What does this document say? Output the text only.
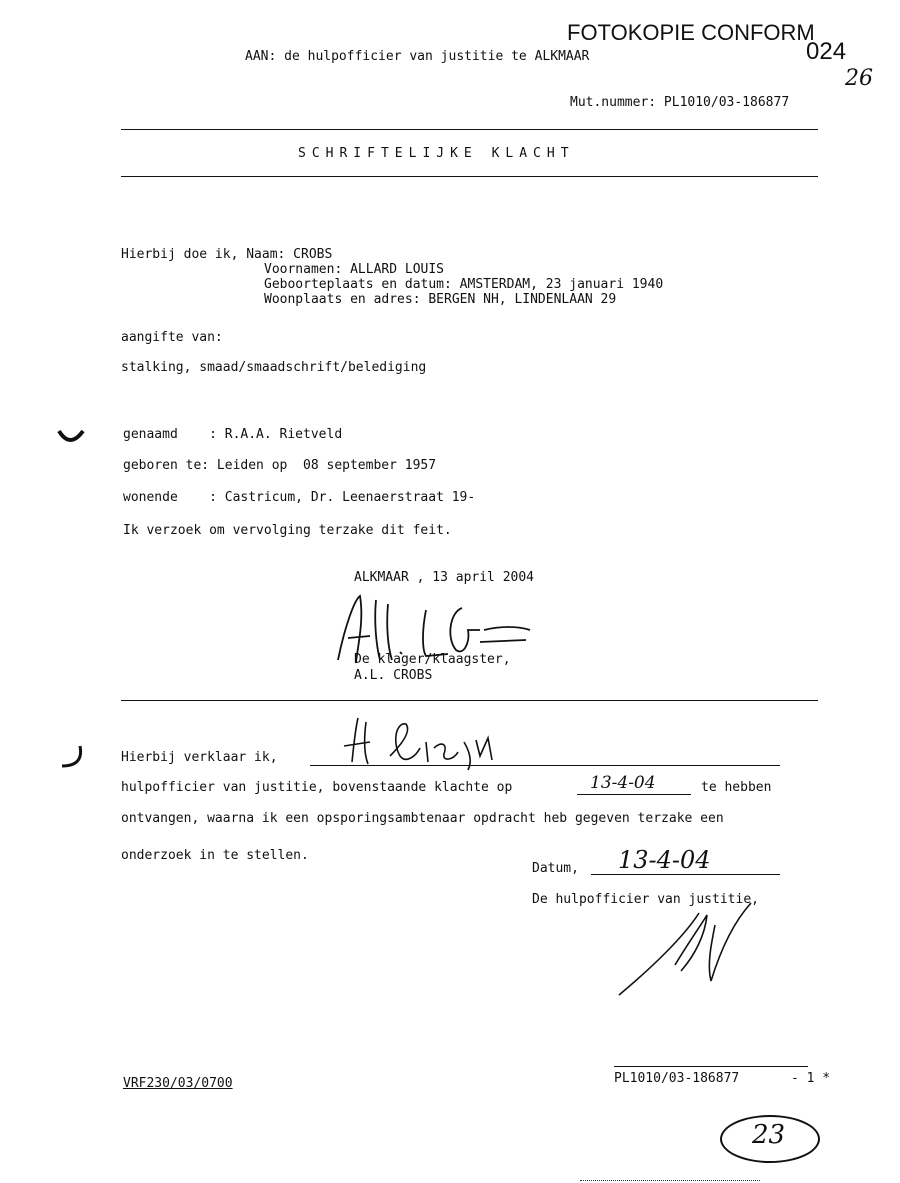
FOTOKOPIE CONFORM
024
26
AAN: de hulpofficier van justitie te ALKMAAR
Mut.nummer: PL1010/03-186877
SCHRIFTELIJKE KLACHT
Hierbij doe ik, Naam: CROBS
Voornamen: ALLARD LOUIS
Geboorteplaats en datum: AMSTERDAM, 23 januari 1940
Woonplaats en adres: BERGEN NH, LINDENLAAN 29
aangifte van:
stalking, smaad/smaadschrift/belediging
genaamd    : R.A.A. Rietveld
geboren te: Leiden op  08 september 1957
wonende    : Castricum, Dr. Leenaerstraat 19-
Ik verzoek om vervolging terzake dit feit.
ALKMAAR , 13 april 2004
De klager/klaagster,
A.L. CROBS
Hierbij verklaar ik,
hulpofficier van justitie, bovenstaande klachte op	13-4-04	te hebben
ontvangen, waarna ik een opsporingsambtenaar opdracht heb gegeven terzake een
onderzoek in te stellen.
Datum, 13-4-04
De hulpofficier van justitie,
VRF230/03/0700	PL1010/03-186877	- 1 *
23
